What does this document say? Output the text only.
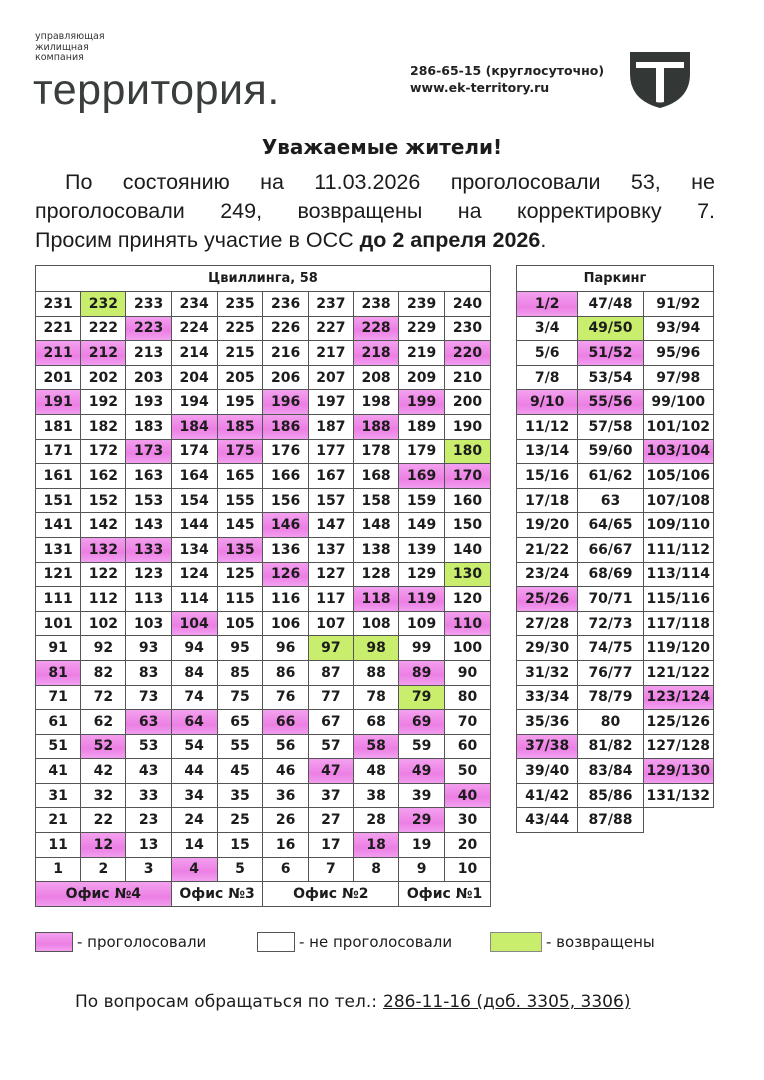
управляющая
жилищная
компания
территория.	286-65-15 (круглосуточно)
www.ek-territory.ru
Уважаемые жители!
По состоянию на 11.03.2026 проголосовали 53, не
проголосовали 249, возвращены на корректировку 7.
Просим принять участие в ОСС до 2 апреля 2026.
Цвиллинга, 58									
231	232	233	234	235	236	237	238	239	240
221	222	223	224	225	226	227	228	229	230
211	212	213	214	215	216	217	218	219	220
201	202	203	204	205	206	207	208	209	210
191	192	193	194	195	196	197	198	199	200
181	182	183	184	185	186	187	188	189	190
171	172	173	174	175	176	177	178	179	180
161	162	163	164	165	166	167	168	169	170
151	152	153	154	155	156	157	158	159	160
141	142	143	144	145	146	147	148	149	150
131	132	133	134	135	136	137	138	139	140
121	122	123	124	125	126	127	128	129	130
111	112	113	114	115	116	117	118	119	120
101	102	103	104	105	106	107	108	109	110
91	92	93	94	95	96	97	98	99	100
81	82	83	84	85	86	87	88	89	90
71	72	73	74	75	76	77	78	79	80
61	62	63	64	65	66	67	68	69	70
51	52	53	54	55	56	57	58	59	60
41	42	43	44	45	46	47	48	49	50
31	32	33	34	35	36	37	38	39	40
21	22	23	24	25	26	27	28	29	30
11	12	13	14	15	16	17	18	19	20
1	2	3	4	5	6	7	8	9	10
Офис №4			Офис №3		Офис №2			Офис №1	
Паркинг		
1/2	47/48	91/92
3/4	49/50	93/94
5/6	51/52	95/96
7/8	53/54	97/98
9/10	55/56	99/100
11/12	57/58	101/102
13/14	59/60	103/104
15/16	61/62	105/106
17/18	63	107/108
19/20	64/65	109/110
21/22	66/67	111/112
23/24	68/69	113/114
25/26	70/71	115/116
27/28	72/73	117/118
29/30	74/75	119/120
31/32	76/77	121/122
33/34	78/79	123/124
35/36	80	125/126
37/38	81/82	127/128
39/40	83/84	129/130
41/42	85/86	131/132
43/44	87/88	
- проголосовали	- не проголосовали	- возвращены
По вопросам обращаться по тел.: 286-11-16 (доб. 3305, 3306)
